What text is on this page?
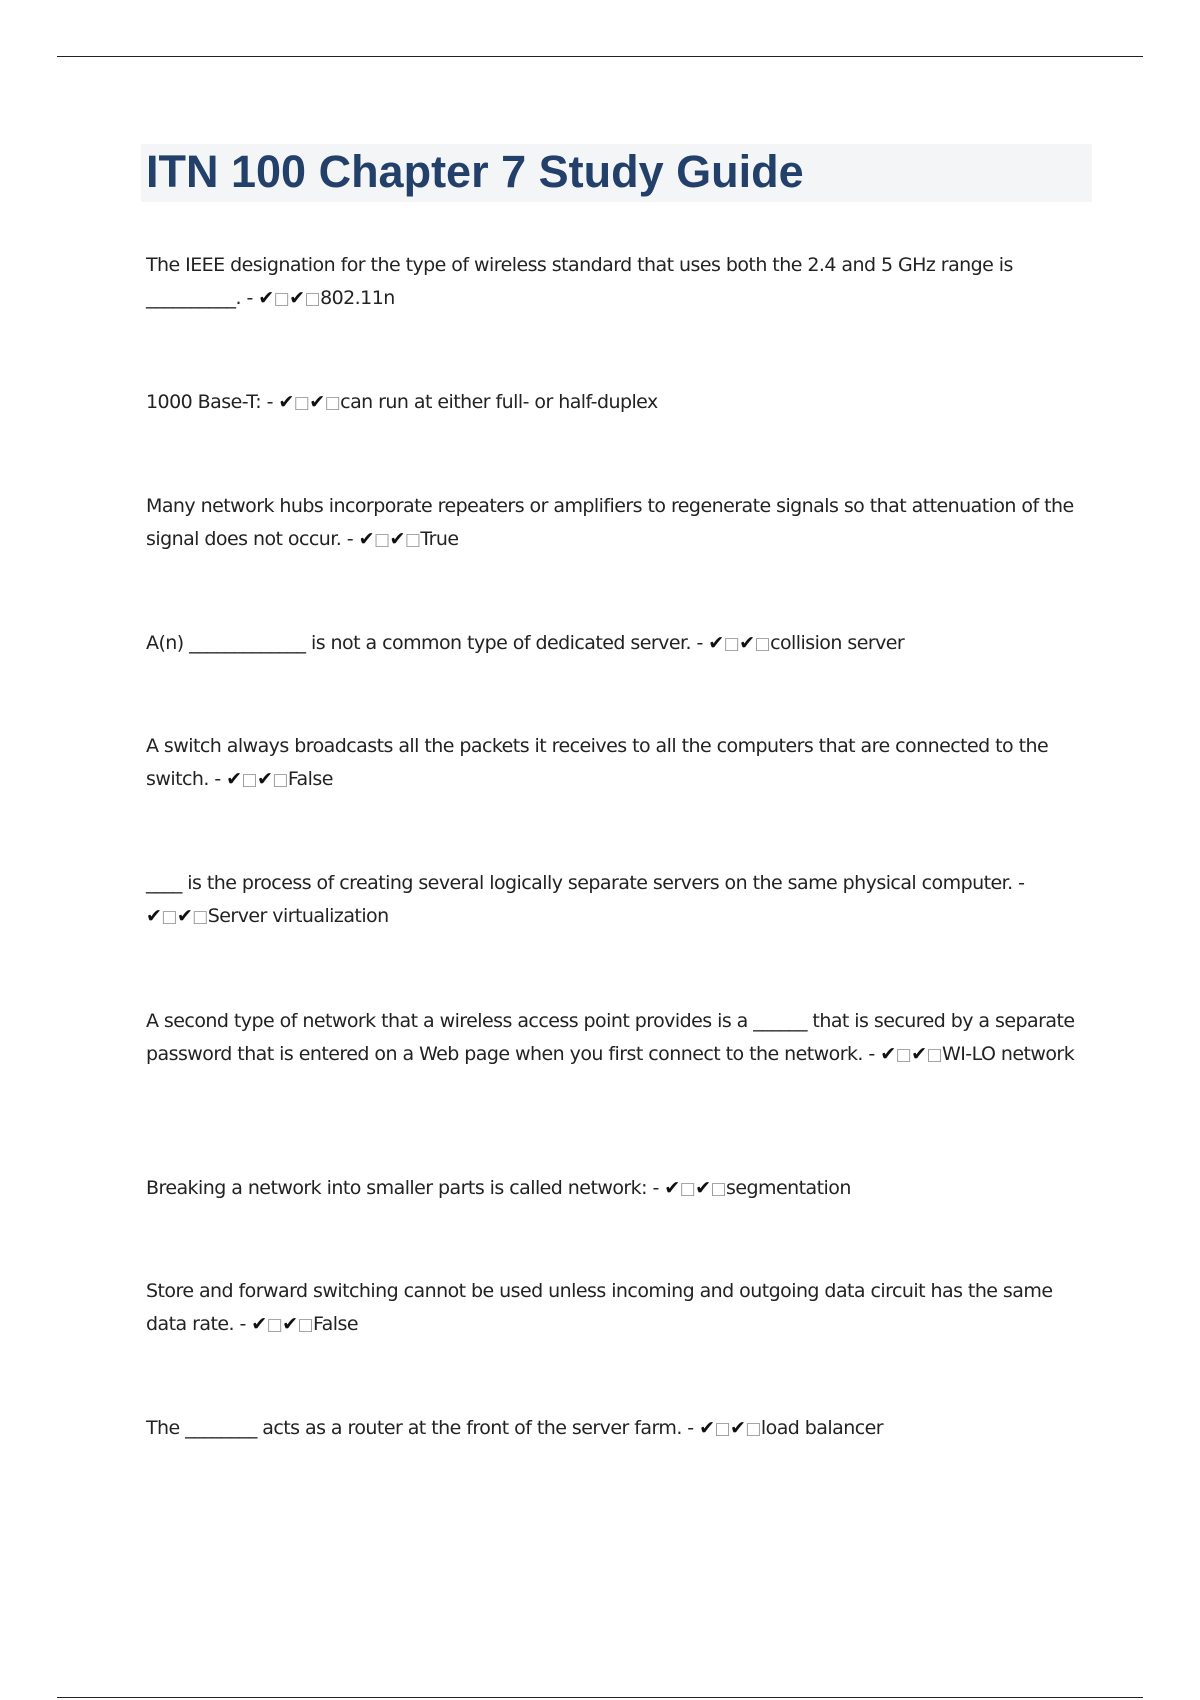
ITN 100 Chapter 7 Study Guide

The IEEE designation for the type of wireless standard that uses both the 2.4 and 5 GHz range is __________. - ✔□✔□802.11n

1000 Base-T: - ✔□✔□can run at either full- or half-duplex

Many network hubs incorporate repeaters or amplifiers to regenerate signals so that attenuation of the signal does not occur. - ✔□✔□True

A(n) _____________ is not a common type of dedicated server. - ✔□✔□collision server

A switch always broadcasts all the packets it receives to all the computers that are connected to the switch. - ✔□✔□False

____ is the process of creating several logically separate servers on the same physical computer. - ✔□✔□Server virtualization

A second type of network that a wireless access point provides is a ______ that is secured by a separate password that is entered on a Web page when you first connect to the network. - ✔□✔□WI-LO network

Breaking a network into smaller parts is called network: - ✔□✔□segmentation

Store and forward switching cannot be used unless incoming and outgoing data circuit has the same data rate. - ✔□✔□False

The ________ acts as a router at the front of the server farm. - ✔□✔□load balancer
